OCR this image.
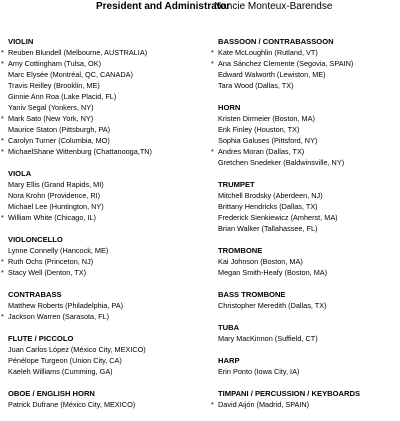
President and Administrator
Nancie Monteux-Barendse
VIOLIN
* Reuben Blundell (Melbourne, AUSTRALIA)
* Amy Cottingham (Tulsa, OK)
Marc Elysée (Montréal, QC, CANADA)
Travis Reilley (Brooklin, ME)
Ginnie Ann Roa (Lake Placid, FL)
Yaniv Segal (Yonkers, NY)
* Mark Sato (New York, NY)
Maurice Staton (Pittsburgh, PA)
* Carolyn Turner (Columbia, MO)
* MichaelShane Wittenburg (Chattanooga,TN)
VIOLA
Mary Ellis (Grand Rapids, MI)
Nora Krohn (Providence, RI)
Michael Lee (Huntington, NY)
* William White (Chicago, IL)
VIOLONCELLO
Lynne Connelly (Hancock, ME)
* Ruth Ochs (Princeton, NJ)
* Stacy Well (Denton, TX)
CONTRABASS
Matthew Roberts (Philadelphia, PA)
* Jackson Warren (Sarasota, FL)
FLUTE / PICCOLO
Juan Carlos López (México City, MEXICO)
Pénélope Turgeon (Union City, CA)
Kaeleh Williams (Cumming, GA)
OBOE / ENGLISH HORN
Patrick Dufrane (México City, MEXICO)
BASSOON / CONTRABASSOON
* Kate McLoughlin (Rutland, VT)
* Ana Sánchez Clemente (Segovia, SPAIN)
Edward Walworth (Lewiston, ME)
Tara Wood (Dallas, TX)
HORN
Kristen Dirmeier (Boston, MA)
Erik Finley (Houston, TX)
Sophia Galuses (Pittsford, NY)
* Andres Moran (Dallas, TX)
Gretchen Snedeker (Baldwinsville, NY)
TRUMPET
Mitchell Brodsky (Aberdeen, NJ)
Brittany Hendricks (Dallas, TX)
Frederick Sienkiewicz (Amherst, MA)
Brian Walker (Tallahassee, FL)
TROMBONE
Kai Johnson (Boston, MA)
Megan Smith-Heafy (Boston, MA)
BASS TROMBONE
Christopher Meredith (Dallas, TX)
TUBA
Mary MacKinnon (Suffield, CT)
HARP
Erin Ponto (Iowa City, IA)
TIMPANI / PERCUSSION / KEYBOARDS
* David Aijón (Madrid, SPAIN)
